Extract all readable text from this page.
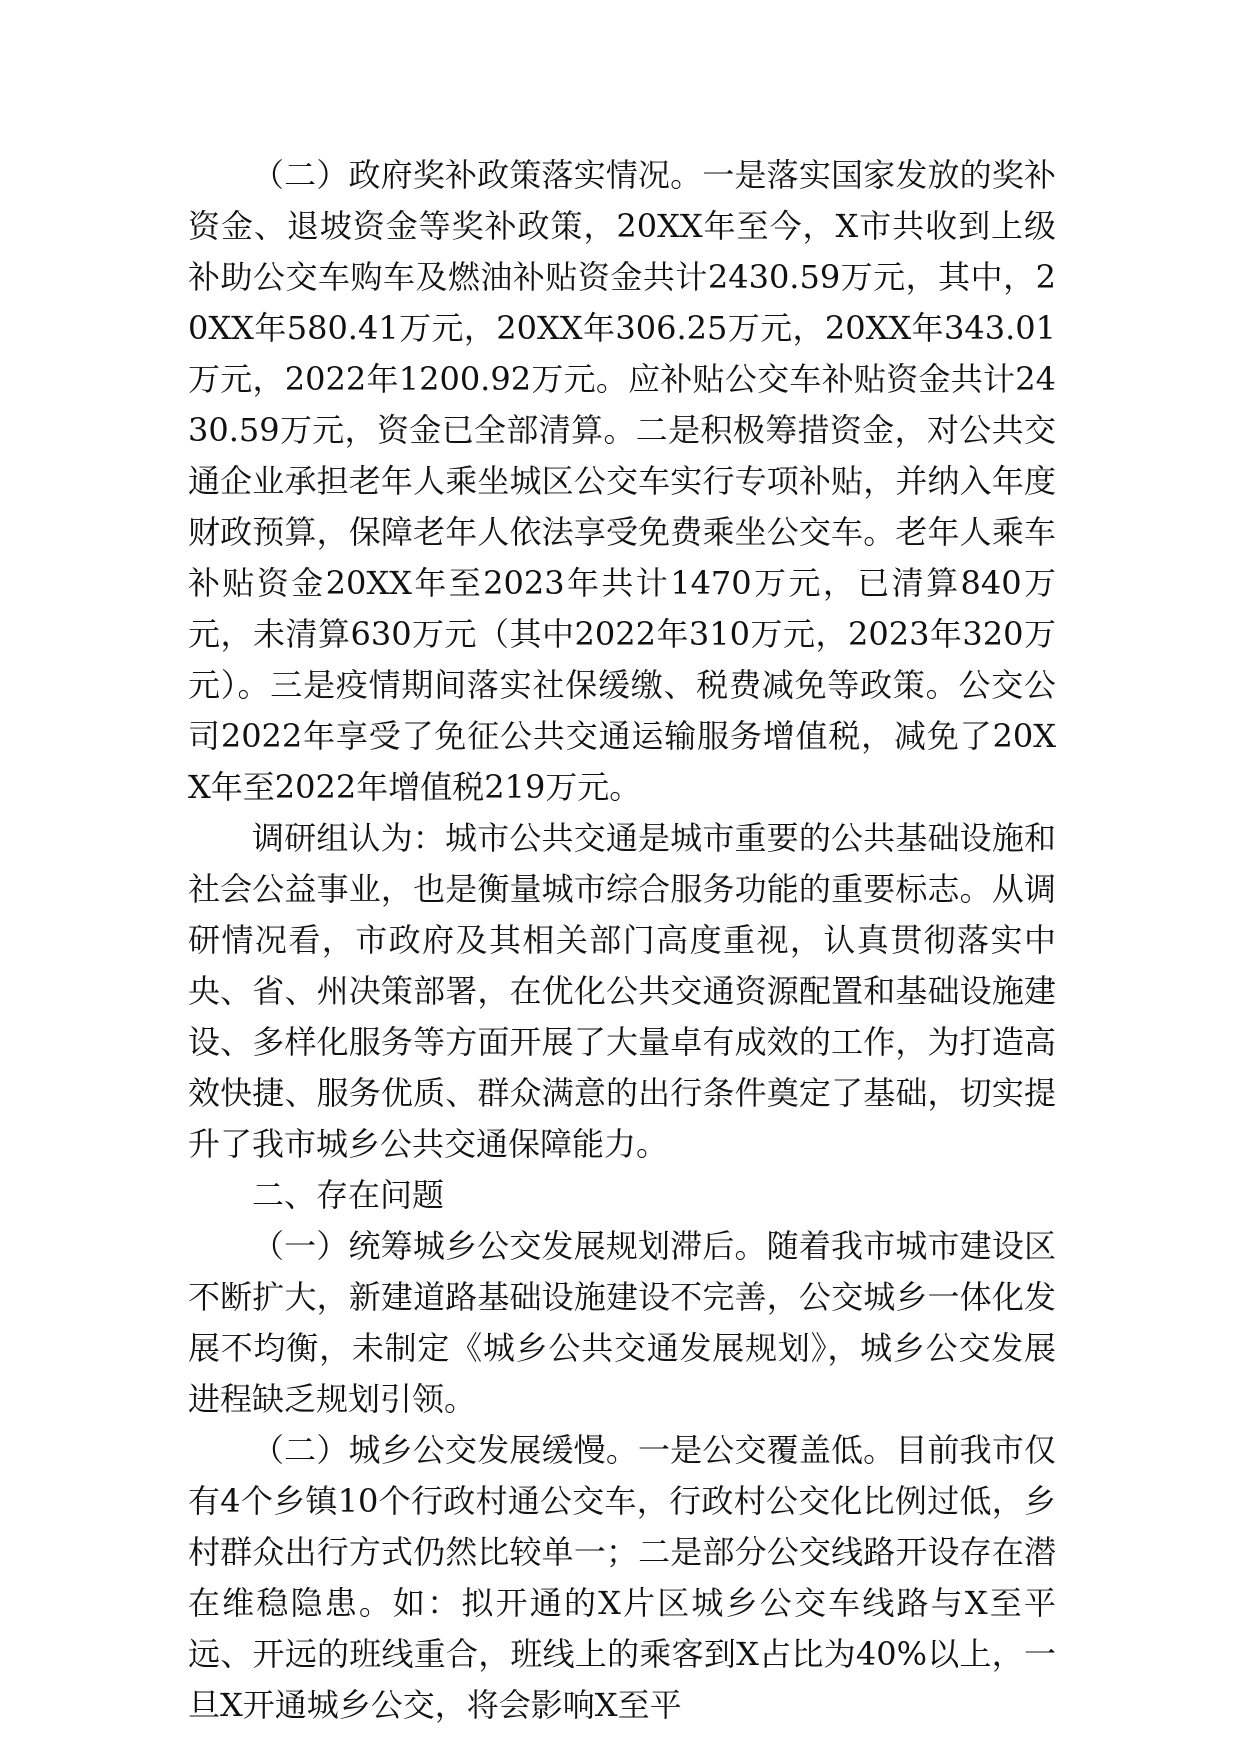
（二）政府奖补政策落实情况。一是落实国家发放的奖补资金、退坡资金等奖补政策，20XX年至今，X市共收到上级补助公交车购车及燃油补贴资金共计2430.59万元，其中，20XX年580.41万元，20XX年306.25万元，20XX年343.01万元，2022年1200.92万元。应补贴公交车补贴资金共计2430.59万元，资金已全部清算。二是积极筹措资金，对公共交通企业承担老年人乘坐城区公交车实行专项补贴，并纳入年度财政预算，保障老年人依法享受免费乘坐公交车。老年人乘车补贴资金20XX年至2023年共计1470万元，已清算840万元，未清算630万元（其中2022年310万元，2023年320万元）。三是疫情期间落实社保缓缴、税费减免等政策。公交公司2022年享受了免征公共交通运输服务增值税，减免了20XX年至2022年增值税219万元。

调研组认为：城市公共交通是城市重要的公共基础设施和社会公益事业，也是衡量城市综合服务功能的重要标志。从调研情况看，市政府及其相关部门高度重视，认真贯彻落实中央、省、州决策部署，在优化公共交通资源配置和基础设施建设、多样化服务等方面开展了大量卓有成效的工作，为打造高效快捷、服务优质、群众满意的出行条件奠定了基础，切实提升了我市城乡公共交通保障能力。

二、存在问题

（一）统筹城乡公交发展规划滞后。随着我市城市建设区不断扩大，新建道路基础设施建设不完善，公交城乡一体化发展不均衡，未制定《城乡公共交通发展规划》，城乡公交发展进程缺乏规划引领。

（二）城乡公交发展缓慢。一是公交覆盖低。目前我市仅有4个乡镇10个行政村通公交车，行政村公交化比例过低，乡村群众出行方式仍然比较单一；二是部分公交线路开设存在潜在维稳隐患。如：拟开通的X片区城乡公交车线路与X至平远、开远的班线重合，班线上的乘客到X占比为40%以上，一旦X开通城乡公交，将会影响X至平
